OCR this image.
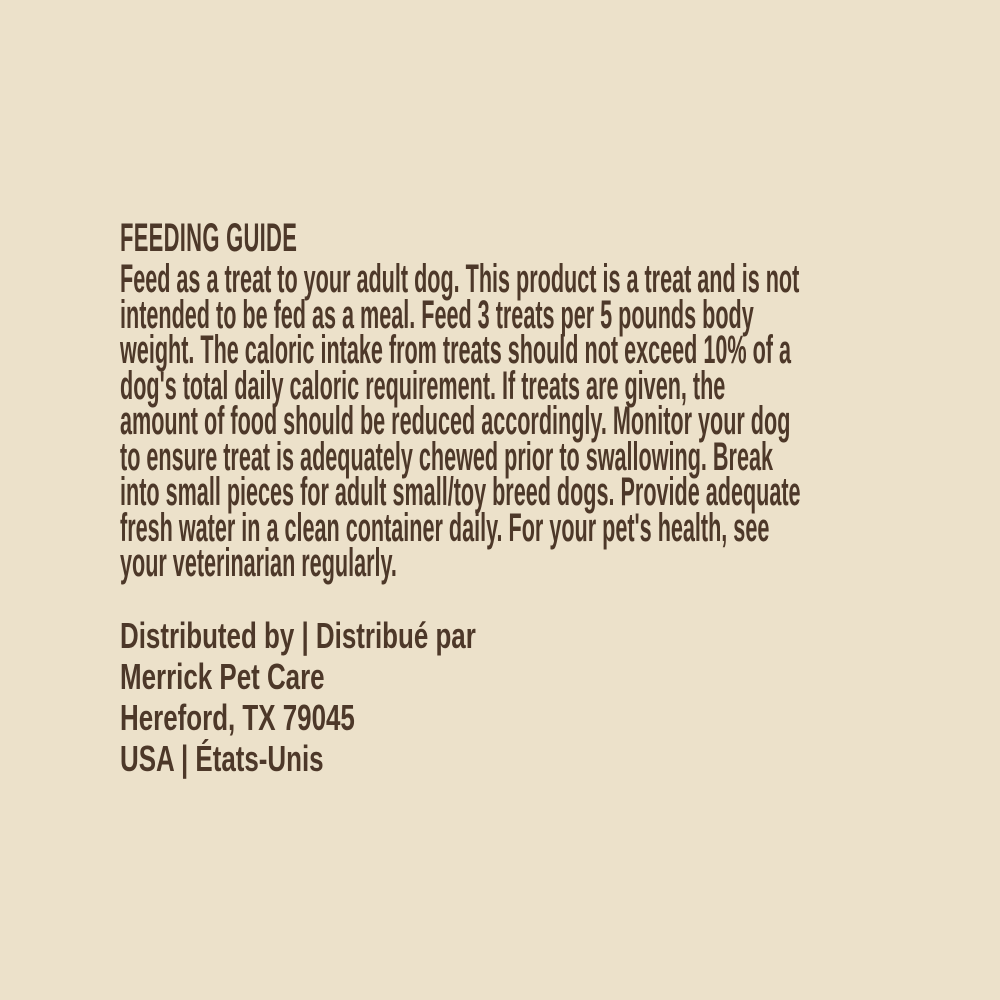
FEEDING GUIDE
Feed as a treat to your adult dog. This product is a treat and is not
intended to be fed as a meal. Feed 3 treats per 5 pounds body
weight. The caloric intake from treats should not exceed 10% of a
dog's total daily caloric requirement. If treats are given, the
amount of food should be reduced accordingly. Monitor your dog
to ensure treat is adequately chewed prior to swallowing. Break
into small pieces for adult small/toy breed dogs. Provide adequate
fresh water in a clean container daily. For your pet's health, see
your veterinarian regularly.
Distributed by | Distribué par
Merrick Pet Care
Hereford, TX 79045
USA | États-Unis
